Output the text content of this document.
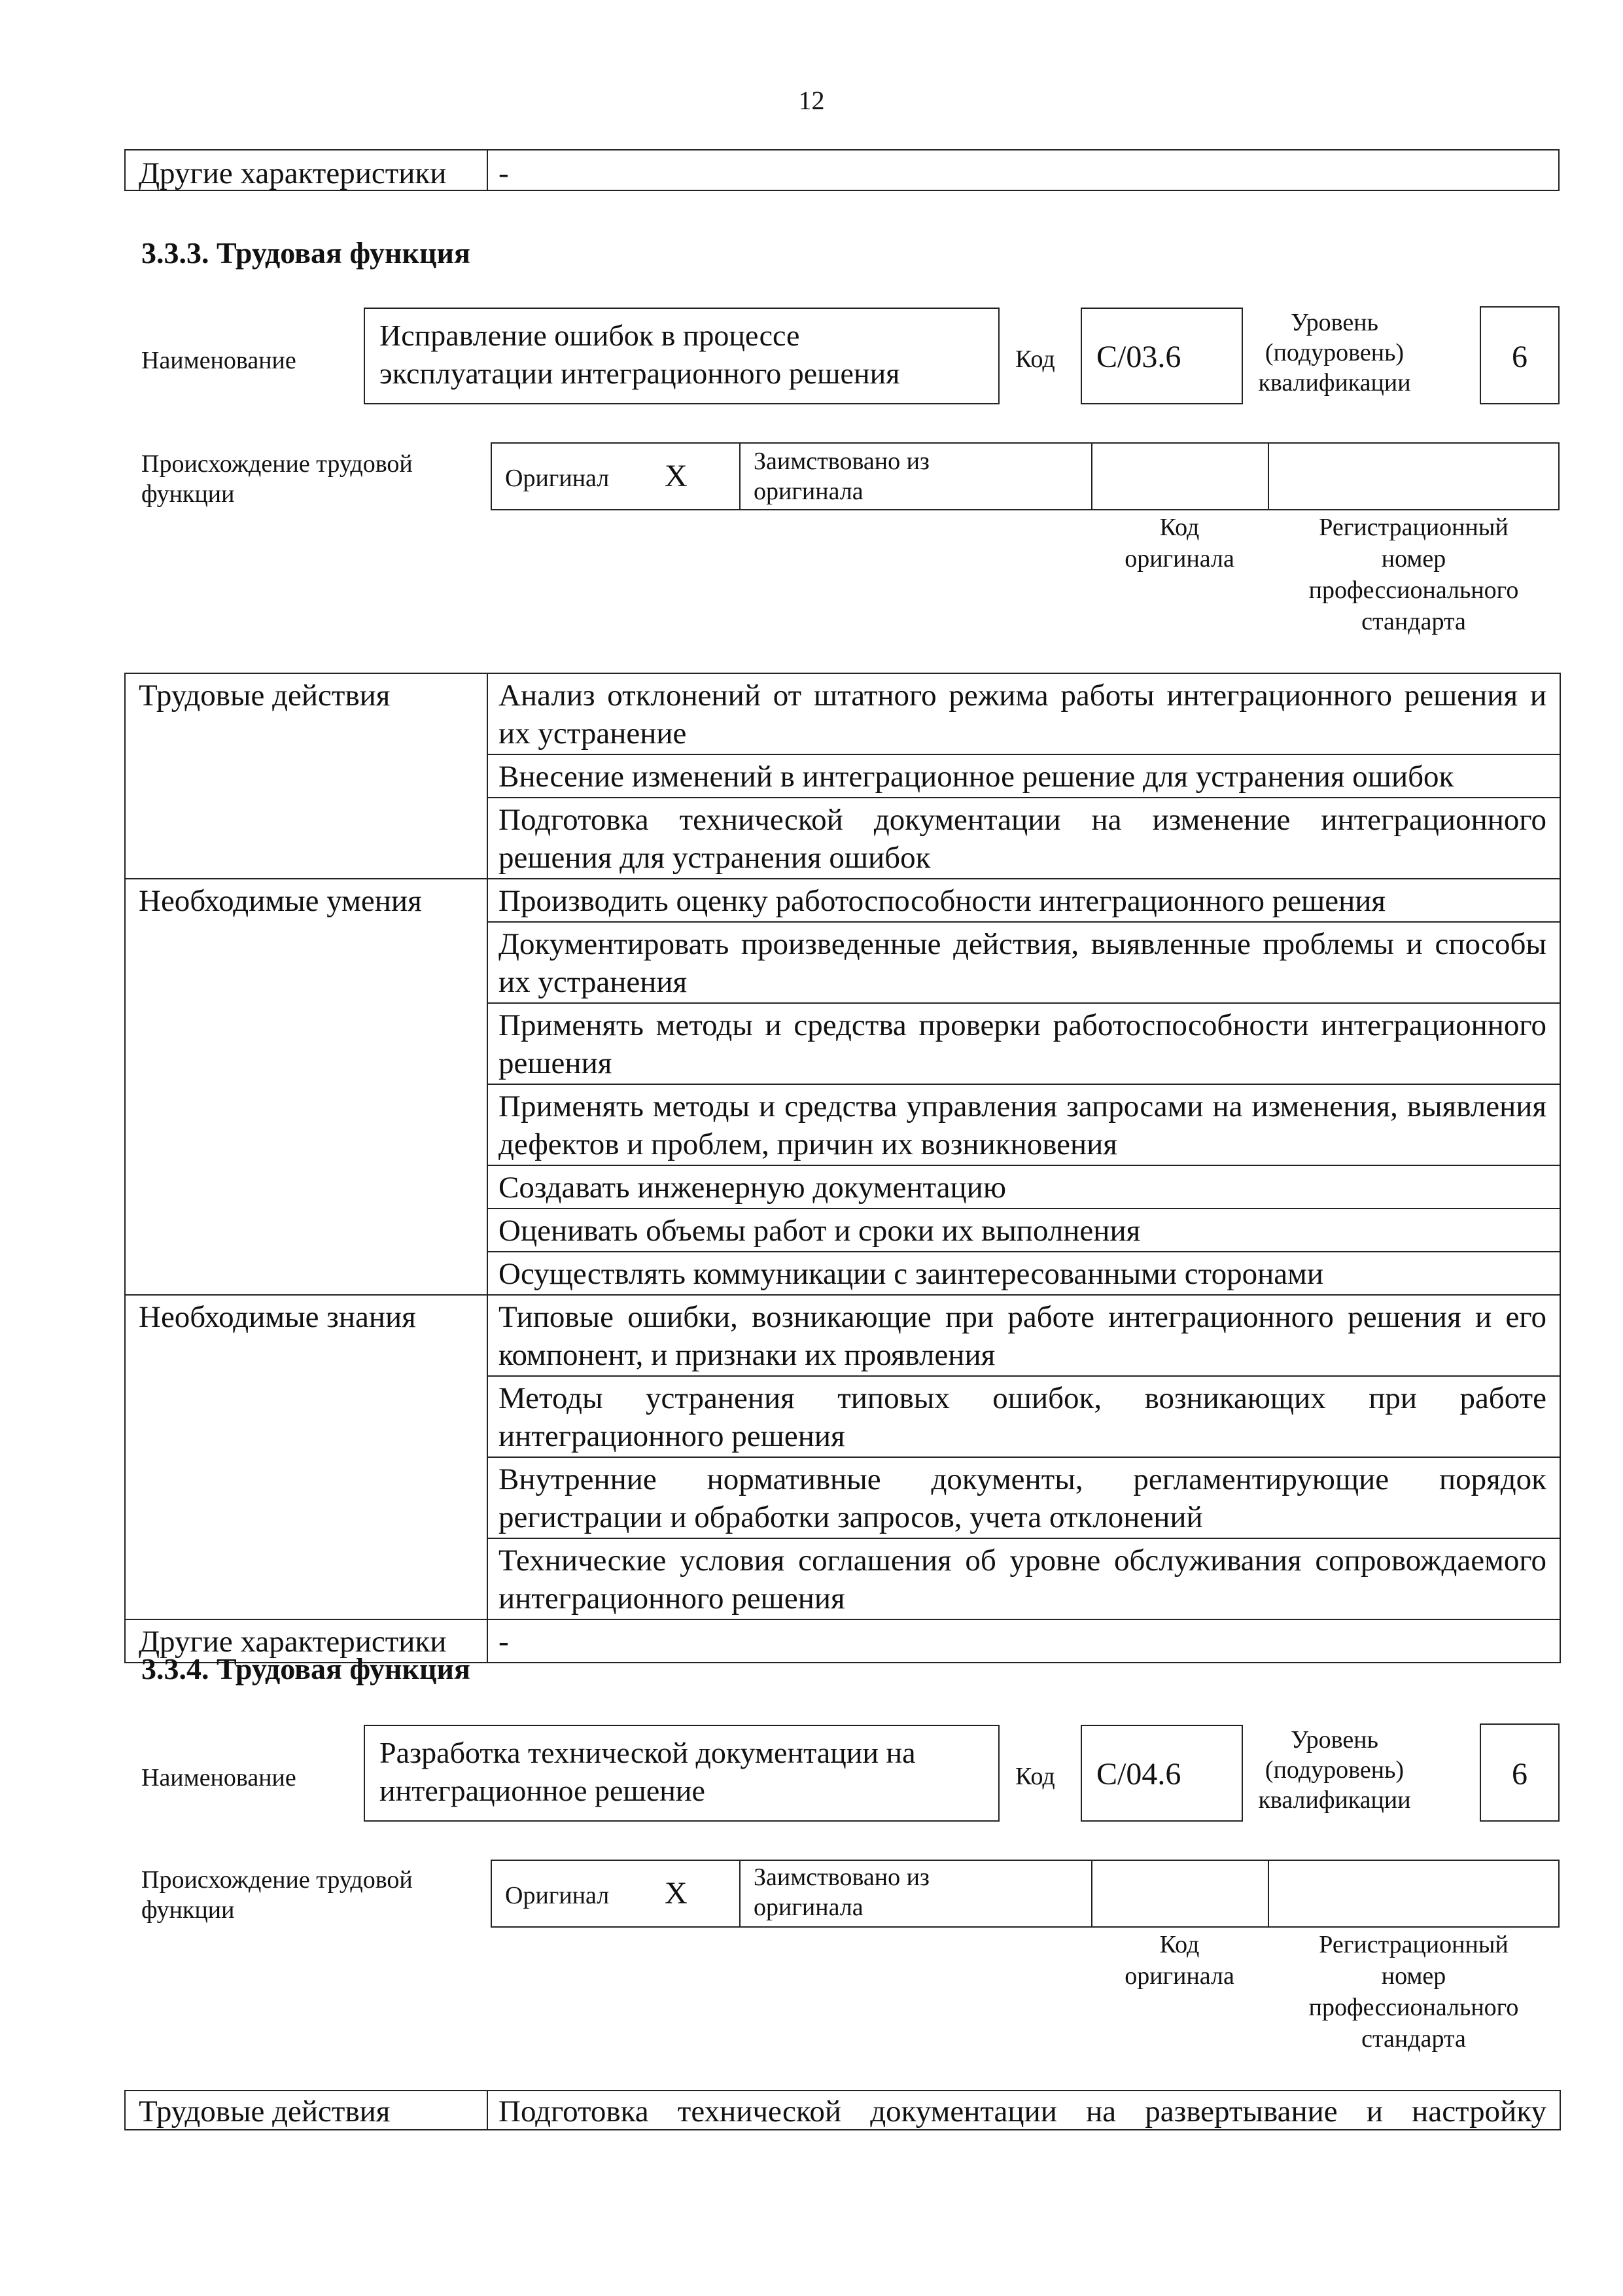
12
Другие характеристики	-
3.3.3. Трудовая функция
Наименование
Исправление ошибок в процессе
эксплуатации интеграционного решения	Код C/03.6
Уровень
(подуровень)
квалификации
6
Происхождение трудовой
функции
Оригинал X	Заимствовано из
оригинала
Код
оригинала
Регистрационный
номер
профессионального
стандарта
Трудовые действия	Анализ отклонений от штатного режима работы интеграционного решения и их устранение
	Внесение изменений в интеграционное решение для устранения ошибок
	Подготовка технической документации на изменение интеграционного решения для устранения ошибок
Необходимые умения	Производить оценку работоспособности интеграционного решения
	Документировать произведенные действия, выявленные проблемы и способы их устранения
	Применять методы и средства проверки работоспособности интеграционного решения
	Применять методы и средства управления запросами на изменения, выявления дефектов и проблем, причин их возникновения
	Создавать инженерную документацию
	Оценивать объемы работ и сроки их выполнения
	Осуществлять коммуникации с заинтересованными сторонами
Необходимые знания	Типовые ошибки, возникающие при работе интеграционного решения и его компонент, и признаки их проявления
	Методы устранения типовых ошибок, возникающих при работе интеграционного решения
	Внутренние нормативные документы, регламентирующие порядок регистрации и обработки запросов, учета отклонений
	Технические условия соглашения об уровне обслуживания сопровождаемого интеграционного решения
Другие характеристики	-
3.3.4. Трудовая функция
Наименование
Разработка технической документации на
интеграционное решение	Код C/04.6
Уровень
(подуровень)
квалификации
6
Происхождение трудовой
функции
Оригинал X	Заимствовано из
оригинала
Код
оригинала
Регистрационный
номер
профессионального
стандарта
Трудовые действия	Подготовка технической документации на развертывание и настройку
